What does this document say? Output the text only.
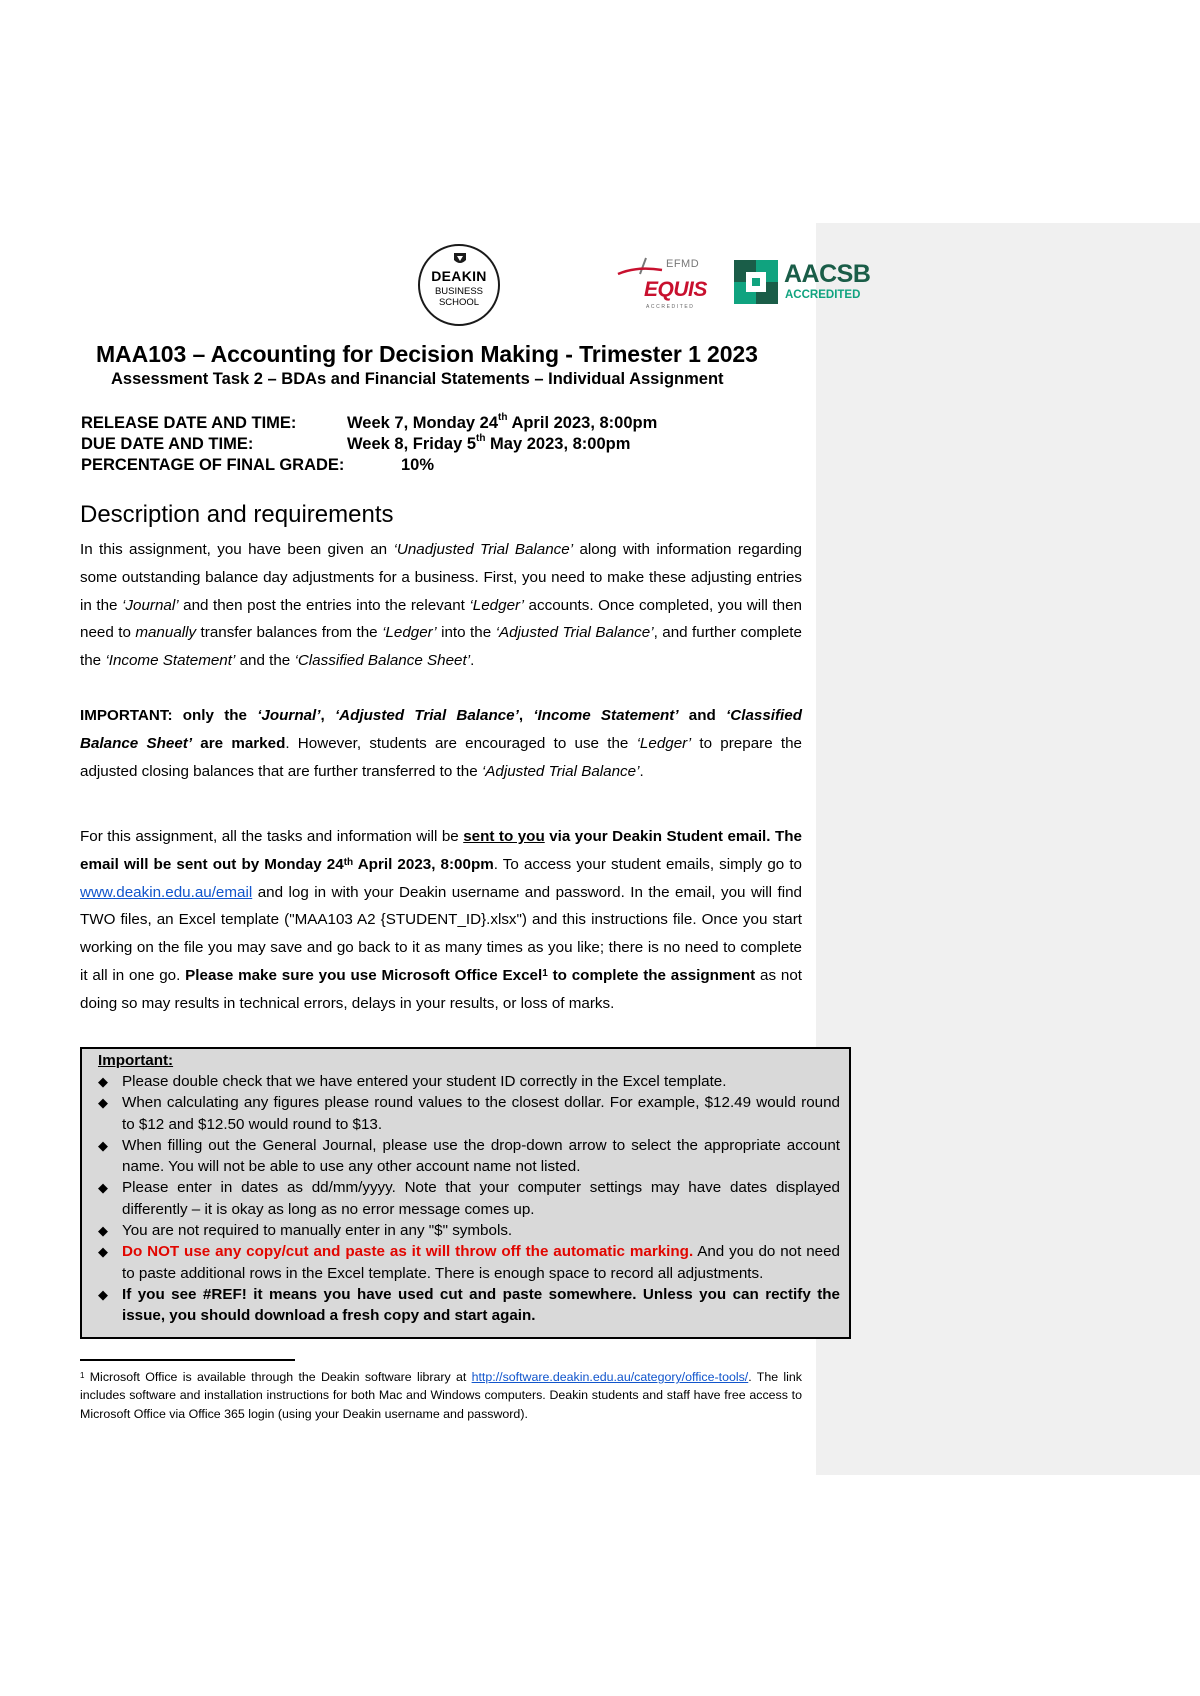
DEAKIN
BUSINESS
SCHOOL
EFMD
EQUIS
ACCREDITED
AACSB
ACCREDITED
MAA103 – Accounting for Decision Making - Trimester 1 2023
Assessment Task 2 – BDAs and Financial Statements – Individual Assignment
RELEASE DATE AND TIME:	Week 7, Monday 24th April 2023, 8:00pm
DUE DATE AND TIME:	Week 8, Friday 5th May 2023, 8:00pm
PERCENTAGE OF FINAL GRADE:	10%
Description and requirements
In this assignment, you have been given an ‘Unadjusted Trial Balance’ along with information regarding some outstanding balance day adjustments for a business. First, you need to make these adjusting entries in the ‘Journal’ and then post the entries into the relevant ‘Ledger’ accounts. Once completed, you will then need to manually transfer balances from the ‘Ledger’ into the ‘Adjusted Trial Balance’, and further complete the ‘Income Statement’ and the ‘Classified Balance Sheet’.
IMPORTANT: only the ‘Journal’, ‘Adjusted Trial Balance’, ‘Income Statement’ and ‘Classified Balance Sheet’ are marked. However, students are encouraged to use the ‘Ledger’ to prepare the adjusted closing balances that are further transferred to the ‘Adjusted Trial Balance’.
For this assignment, all the tasks and information will be sent to you via your Deakin Student email. The email will be sent out by Monday 24th April 2023, 8:00pm. To access your student emails, simply go to www.deakin.edu.au/email and log in with your Deakin username and password. In the email, you will find TWO files, an Excel template ("MAA103 A2 {STUDENT_ID}.xlsx") and this instructions file. Once you start working on the file you may save and go back to it as many times as you like; there is no need to complete it all in one go. Please make sure you use Microsoft Office Excel$^1$ to complete the assignment as not doing so may results in technical errors, delays in your results, or loss of marks.
Important:
◆ Please double check that we have entered your student ID correctly in the Excel template.
◆ When calculating any figures please round values to the closest dollar. For example, $12.49 would round to $12 and $12.50 would round to $13.
◆ When filling out the General Journal, please use the drop-down arrow to select the appropriate account name. You will not be able to use any other account name not listed.
◆ Please enter in dates as dd/mm/yyyy. Note that your computer settings may have dates displayed differently – it is okay as long as no error message comes up.
◆ You are not required to manually enter in any "$" symbols.
◆ Do NOT use any copy/cut and paste as it will throw off the automatic marking. And you do not need to paste additional rows in the Excel template. There is enough space to record all adjustments.
◆ If you see #REF! it means you have used cut and paste somewhere. Unless you can rectify the issue, you should download a fresh copy and start again.
$^1$ Microsoft Office is available through the Deakin software library at http://software.deakin.edu.au/category/office-tools/. The link includes software and installation instructions for both Mac and Windows computers. Deakin students and staff have free access to Microsoft Office via Office 365 login (using your Deakin username and password).
